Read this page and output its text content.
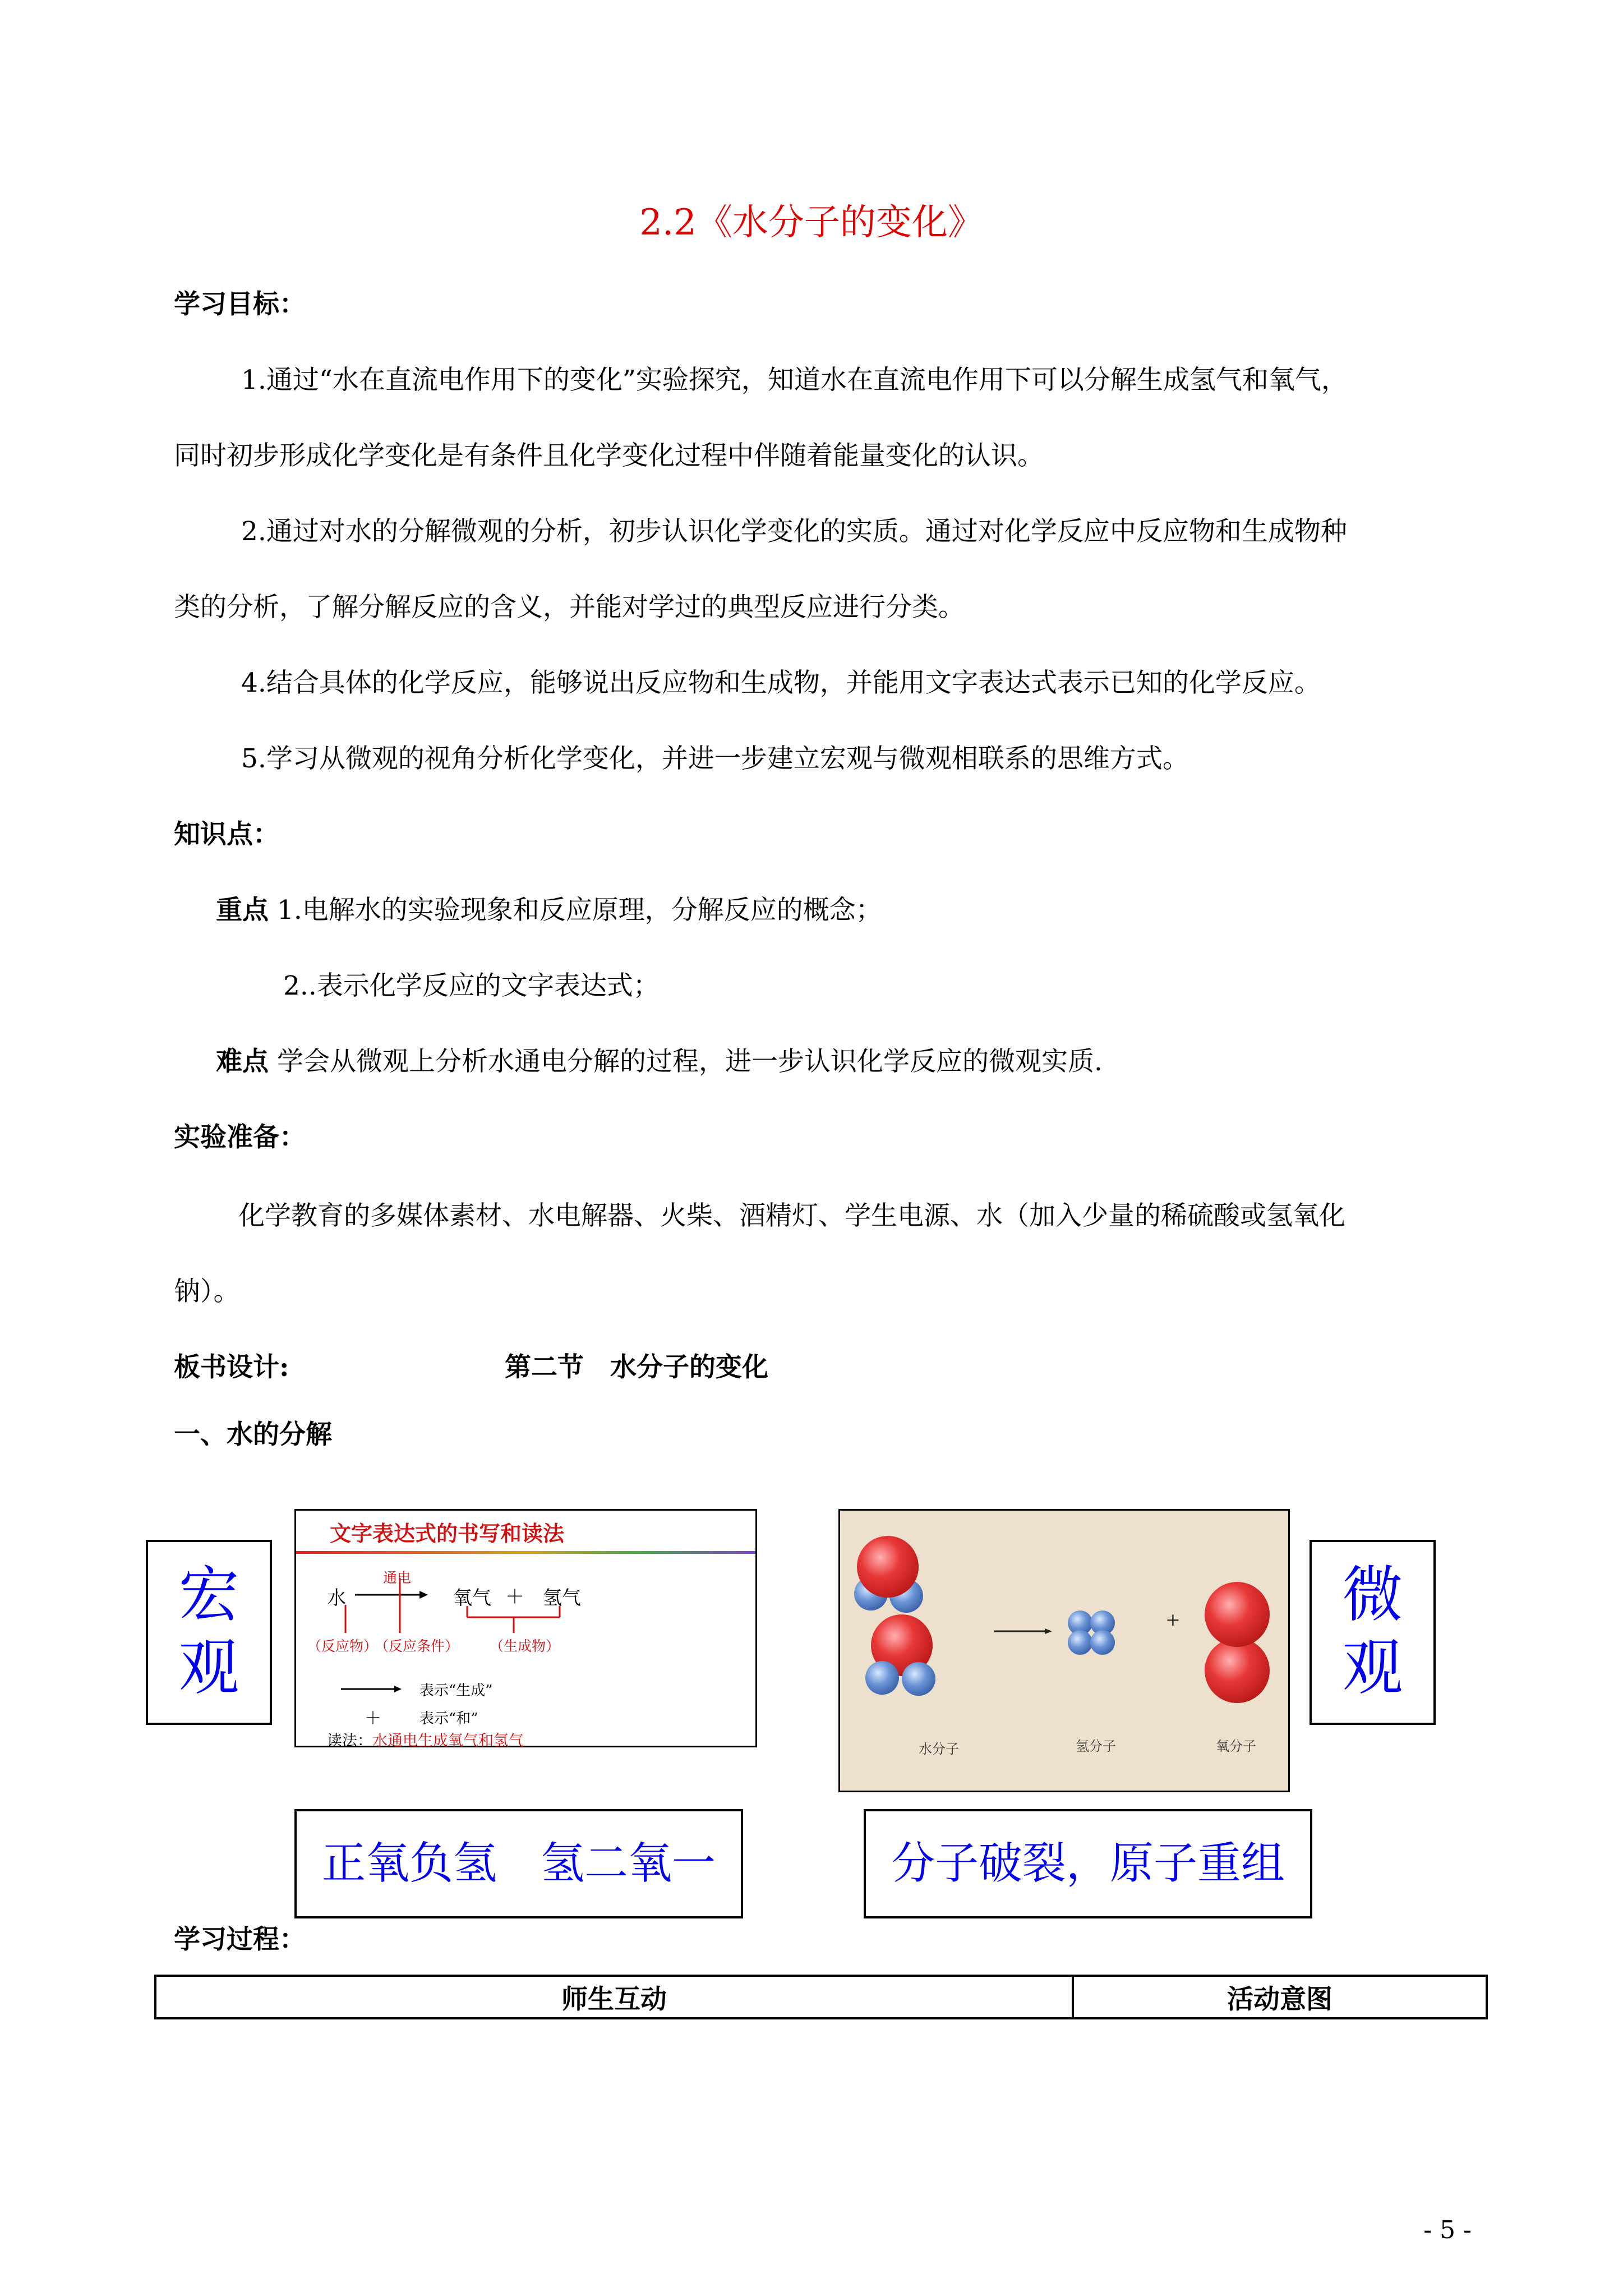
2.2《水分子的变化》
学习目标：
1.通过“水在直流电作用下的变化”实验探究，知道水在直流电作用下可以分解生成氢气和氧气，
同时初步形成化学变化是有条件且化学变化过程中伴随着能量变化的认识。
2.通过对水的分解微观的分析，初步认识化学变化的实质。通过对化学反应中反应物和生成物种
类的分析，了解分解反应的含义，并能对学过的典型反应进行分类。
4.结合具体的化学反应，能够说出反应物和生成物，并能用文字表达式表示已知的化学反应。
5.学习从微观的视角分析化学变化，并进一步建立宏观与微观相联系的思维方式。
知识点：
重点 1.电解水的实验现象和反应原理，分解反应的概念；
2..表示化学反应的文字表达式；
难点 学会从微观上分析水通电分解的过程，进一步认识化学反应的微观实质.
实验准备：
化学教育的多媒体素材、水电解器、火柴、酒精灯、学生电源、水（加入少量的稀硫酸或氢氧化
钠）。
板书设计:	第二节　水分子的变化
一、水的分解
宏
观
文字表达式的书写和读法
水
通电
氧气 ＋ 氢气
（反应物）
（反应条件） （生成物）
表示“生成”
＋	表示“和”
读法：水通电生成氧气和氢气
+
水分子	氢分子	氧分子
微
观
正氧负氢　氢二氧一	分子破裂，原子重组
学习过程：
师生互动	活动意图
- 5 -
